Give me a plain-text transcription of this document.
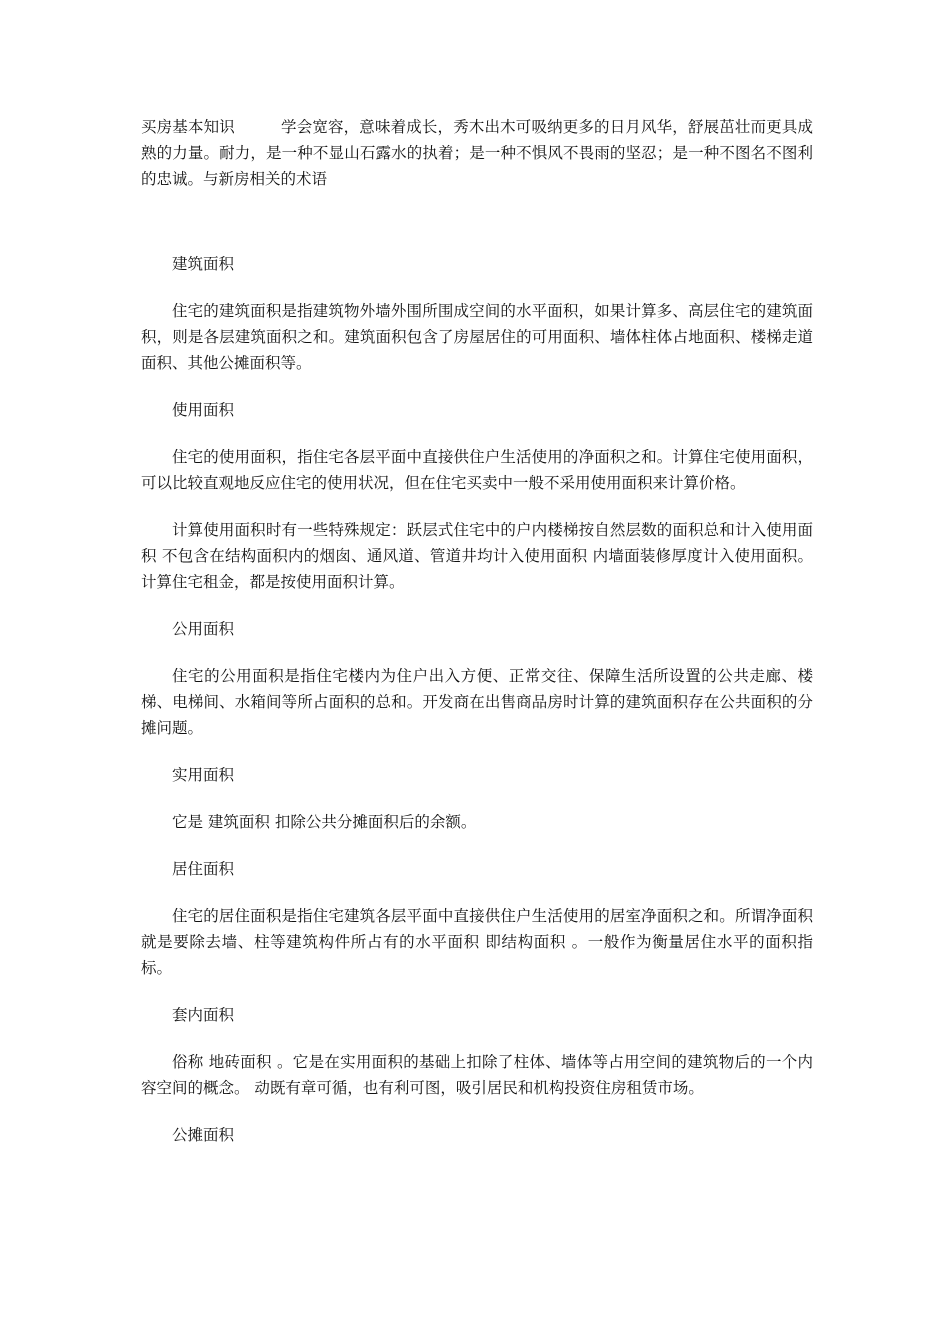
买房基本知识	学会宽容，意味着成长，秀木出木可吸纳更多的日月风华，舒展茁壮而更具成熟的力量。耐力，是一种不显山石露水的执着；是一种不惧风不畏雨的坚忍；是一种不图名不图利的忠诚。与新房相关的术语

建筑面积

住宅的建筑面积是指建筑物外墙外围所围成空间的水平面积，如果计算多、高层住宅的建筑面积，则是各层建筑面积之和。建筑面积包含了房屋居住的可用面积、墙体柱体占地面积、楼梯走道面积、其他公摊面积等。

使用面积

住宅的使用面积，指住宅各层平面中直接供住户生活使用的净面积之和。计算住宅使用面积，可以比较直观地反应住宅的使用状况，但在住宅买卖中一般不采用使用面积来计算价格。

计算使用面积时有一些特殊规定：跃层式住宅中的户内楼梯按自然层数的面积总和计入使用面积 不包含在结构面积内的烟囱、通风道、管道井均计入使用面积 内墙面装修厚度计入使用面积。计算住宅租金，都是按使用面积计算。

公用面积

住宅的公用面积是指住宅楼内为住户出入方便、正常交往、保障生活所设置的公共走廊、楼梯、电梯间、水箱间等所占面积的总和。开发商在出售商品房时计算的建筑面积存在公共面积的分摊问题。

实用面积

它是 建筑面积 扣除公共分摊面积后的余额。

居住面积

住宅的居住面积是指住宅建筑各层平面中直接供住户生活使用的居室净面积之和。所谓净面积就是要除去墙、柱等建筑构件所占有的水平面积 即结构面积 。一般作为衡量居住水平的面积指标。

套内面积

俗称 地砖面积 。它是在实用面积的基础上扣除了柱体、墙体等占用空间的建筑物后的一个内容空间的概念。 动既有章可循，也有利可图，吸引居民和机构投资住房租赁市场。

公摊面积
